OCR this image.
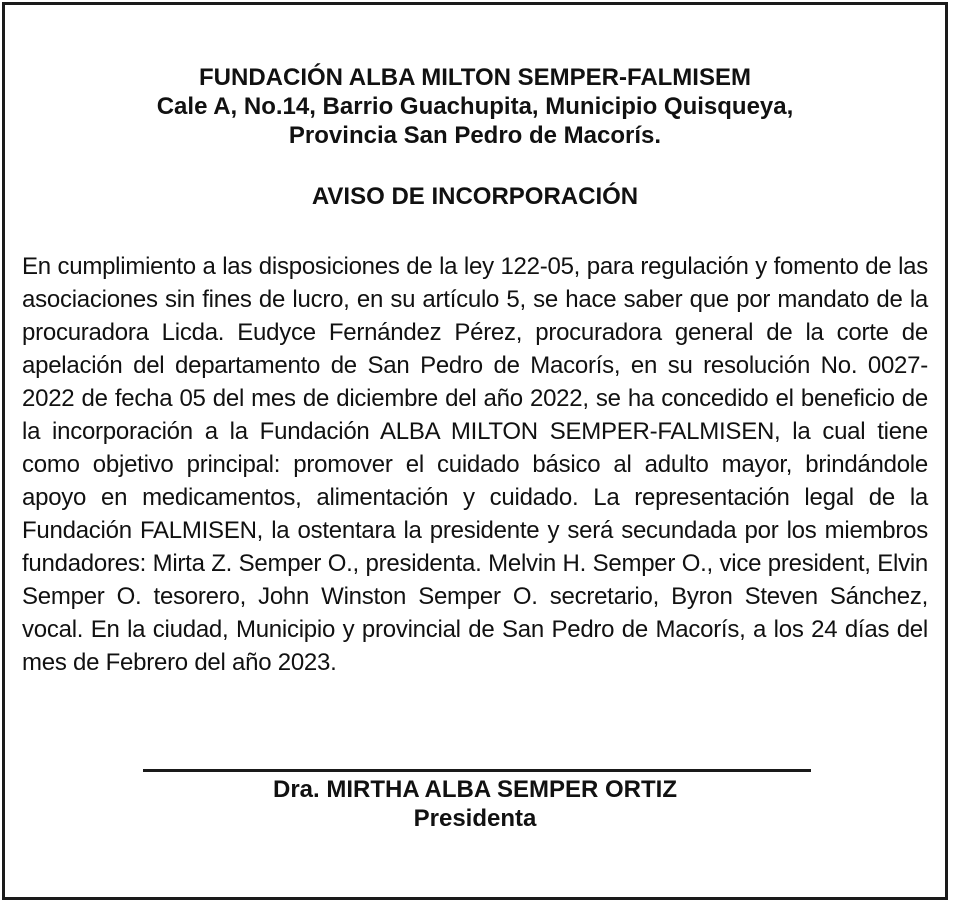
FUNDACIÓN ALBA MILTON SEMPER-FALMISEM
Cale A, No.14, Barrio Guachupita, Municipio Quisqueya,
Provincia San Pedro de Macorís.
AVISO DE INCORPORACIÓN
En cumplimiento a las disposiciones de la ley 122-05, para regulación y fomento de las asociaciones sin fines de lucro, en su artículo 5, se hace saber que por mandato de la procuradora Licda. Eudyce Fernández Pérez, procuradora general de la corte de apelación del departamento de San Pedro de Macorís, en su resolución No. 0027-2022 de fecha 05 del mes de diciembre del año 2022, se ha concedido el beneficio de la incorporación a la Fundación ALBA MILTON SEMPER-FALMISEN, la cual tiene como objetivo principal: promover el cuidado básico al adulto mayor, brindándole apoyo en medicamentos, alimentación y cuidado. La representación legal de la Fundación FALMISEN, la ostentara la presidente y será secundada por los miembros fundadores: Mirta Z. Semper O., presidenta. Melvin H. Semper O., vice president, Elvin Semper O. tesorero, John Winston Semper O. secretario, Byron Steven Sánchez, vocal. En la ciudad, Municipio y provincial de San Pedro de Macorís, a los 24 días del mes de Febrero del año 2023.
Dra. MIRTHA ALBA SEMPER ORTIZ
Presidenta
